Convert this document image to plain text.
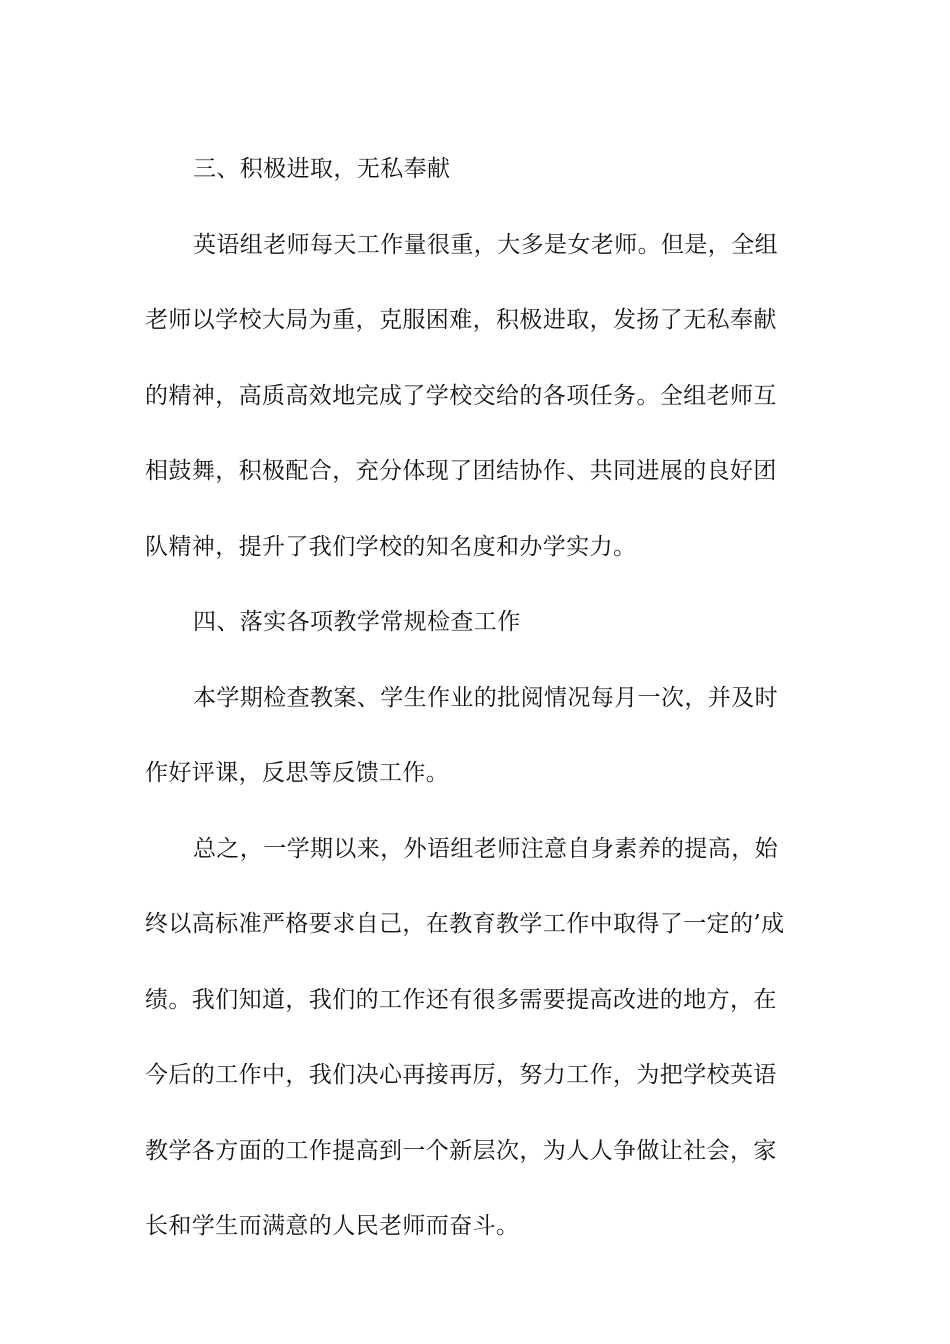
三、积极进取，无私奉献
英语组老师每天工作量很重，大多是女老师。但是，全组
老师以学校大局为重，克服困难，积极进取，发扬了无私奉献
的精神，高质高效地完成了学校交给的各项任务。全组老师互
相鼓舞，积极配合，充分体现了团结协作、共同进展的良好团
队精神，提升了我们学校的知名度和办学实力。
四、落实各项教学常规检查工作
本学期检查教案、学生作业的批阅情况每月一次，并及时
作好评课，反思等反馈工作。
总之，一学期以来，外语组老师注意自身素养的提高，始
终以高标准严格要求自己，在教育教学工作中取得了一定的’成
绩。我们知道，我们的工作还有很多需要提高改进的地方，在
今后的工作中，我们决心再接再厉，努力工作，为把学校英语
教学各方面的工作提高到一个新层次，为人人争做让社会，家
长和学生而满意的人民老师而奋斗。
